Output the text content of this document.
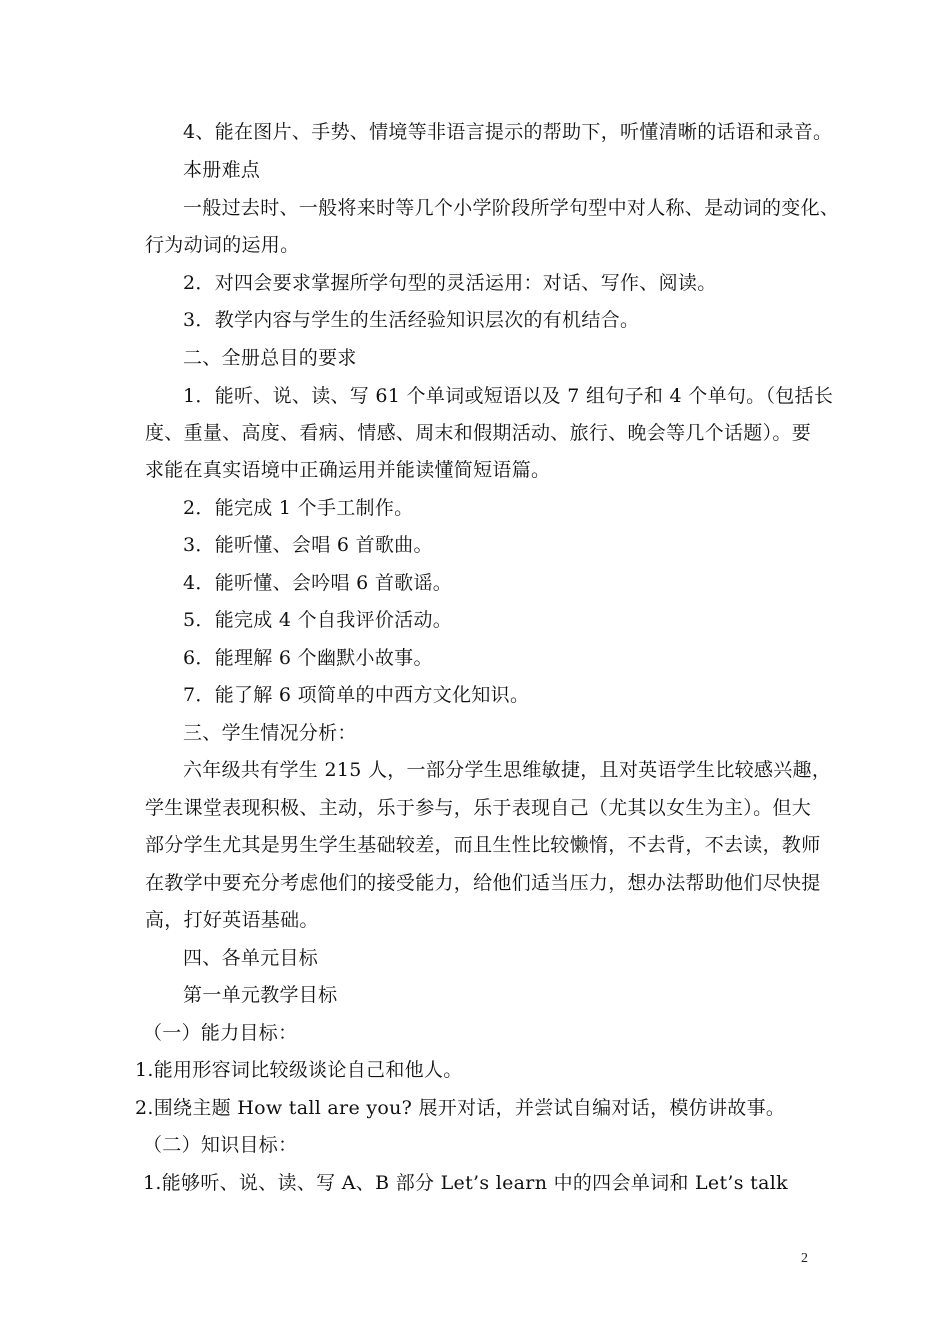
4、能在图片、手势、情境等非语言提示的帮助下，听懂清晰的话语和录音。
本册难点
一般过去时、一般将来时等几个小学阶段所学句型中对人称、是动词的变化、
行为动词的运用。
2．对四会要求掌握所学句型的灵活运用：对话、写作、阅读。
3．教学内容与学生的生活经验知识层次的有机结合。
二、全册总目的要求
1．能听、说、读、写 61 个单词或短语以及 7 组句子和 4 个单句。（包括长
度、重量、高度、看病、情感、周末和假期活动、旅行、晚会等几个话题）。要
求能在真实语境中正确运用并能读懂简短语篇。
2．能完成 1 个手工制作。
3．能听懂、会唱 6 首歌曲。
4．能听懂、会吟唱 6 首歌谣。
5．能完成 4 个自我评价活动。
6．能理解 6 个幽默小故事。
7．能了解 6 项简单的中西方文化知识。
三、学生情况分析：
六年级共有学生 215 人，一部分学生思维敏捷，且对英语学生比较感兴趣，
学生课堂表现积极、主动，乐于参与，乐于表现自己（尤其以女生为主）。但大
部分学生尤其是男生学生基础较差，而且生性比较懒惰，不去背，不去读，教师
在教学中要充分考虑他们的接受能力，给他们适当压力，想办法帮助他们尽快提
高，打好英语基础。
四、各单元目标
第一单元教学目标
（一）能力目标：
1.能用形容词比较级谈论自己和他人。
2.围绕主题 How tall are you? 展开对话，并尝试自编对话，模仿讲故事。
（二）知识目标：
1.能够听、说、读、写 A、B 部分 Let’s learn 中的四会单词和 Let’s talk
2
